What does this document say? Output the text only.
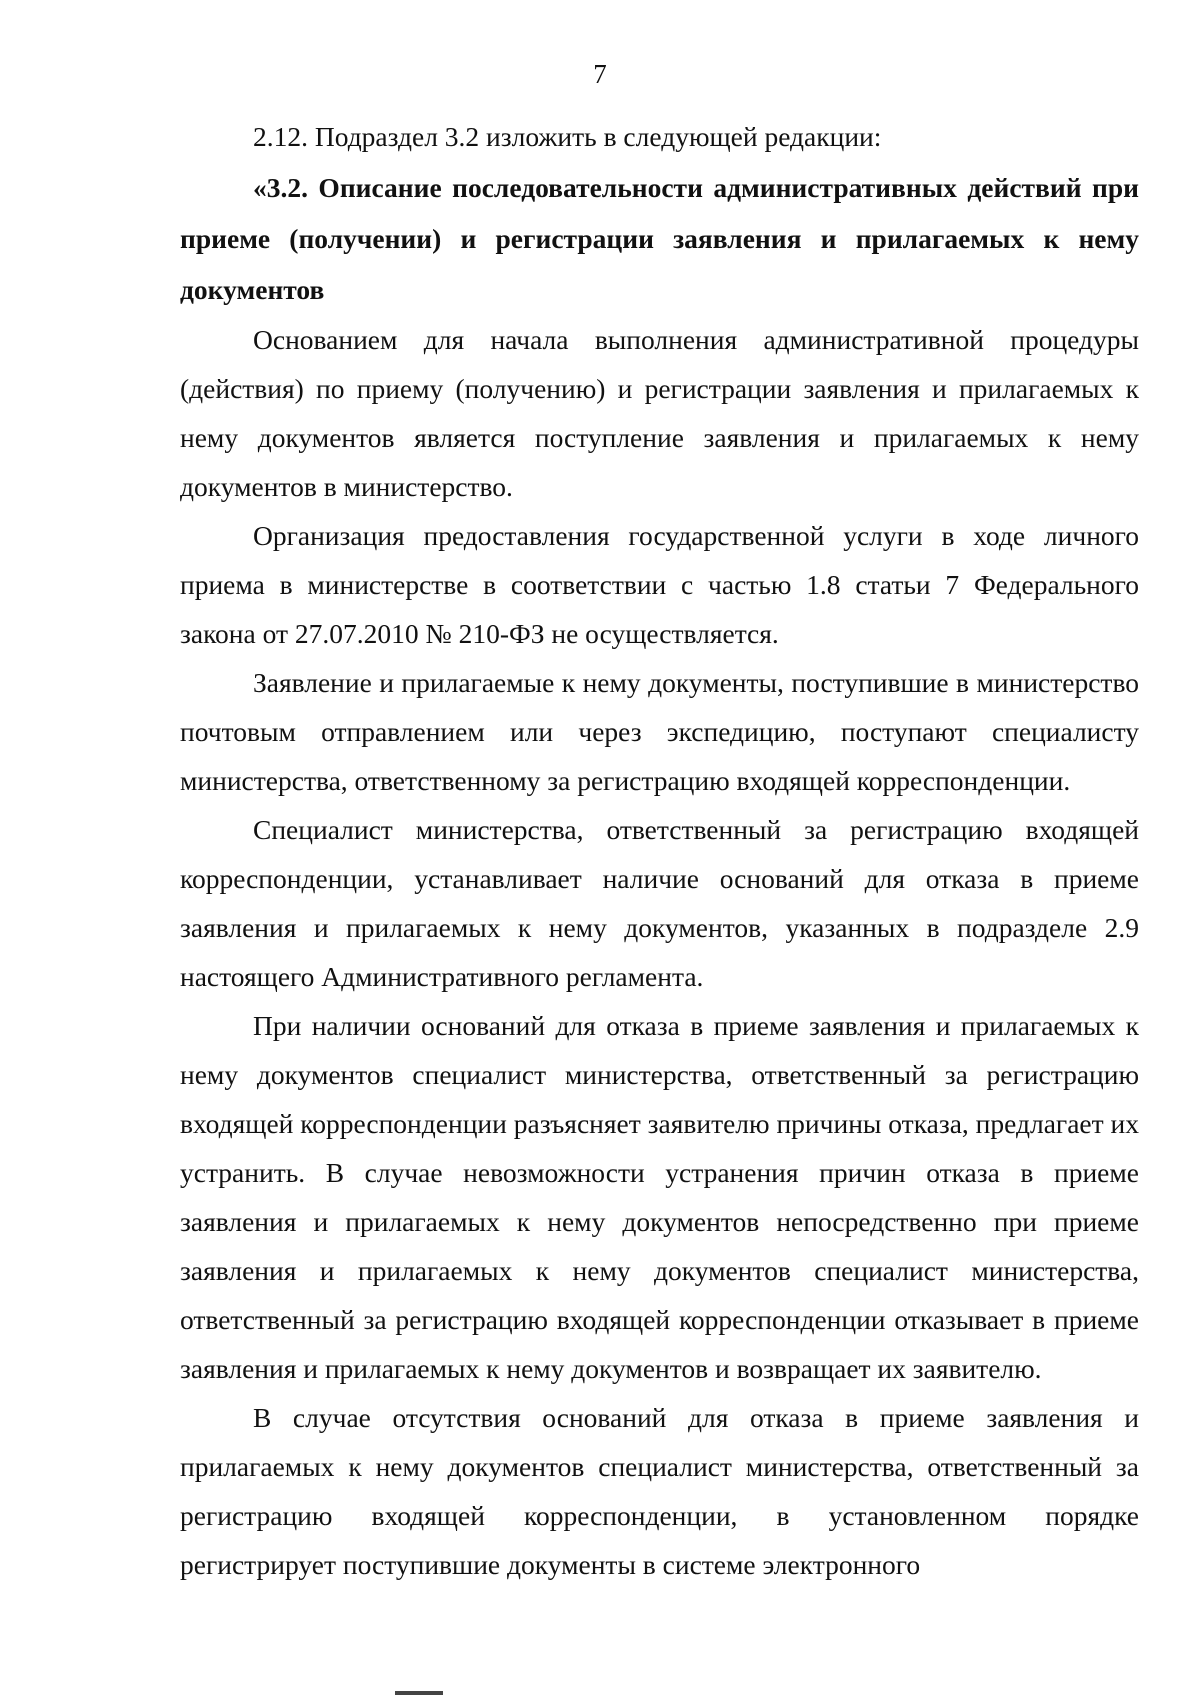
7

2.12. Подраздел 3.2 изложить в следующей редакции:

«3.2. Описание последовательности административных действий при приеме (получении) и регистрации заявления и прилагаемых к нему документов

Основанием для начала выполнения административной процедуры (действия) по приему (получению) и регистрации заявления и прилагаемых к нему документов является поступление заявления и прилагаемых к нему документов в министерство.

Организация предоставления государственной услуги в ходе личного приема в министерстве в соответствии с частью 1.8 статьи 7 Федерального закона от 27.07.2010 № 210-ФЗ не осуществляется.

Заявление и прилагаемые к нему документы, поступившие в министерство почтовым отправлением или через экспедицию, поступают специалисту министерства, ответственному за регистрацию входящей корреспонденции.

Специалист министерства, ответственный за регистрацию входящей корреспонденции, устанавливает наличие оснований для отказа в приеме заявления и прилагаемых к нему документов, указанных в подразделе 2.9 настоящего Административного регламента.

При наличии оснований для отказа в приеме заявления и прилагаемых к нему документов специалист министерства, ответственный за регистрацию входящей корреспонденции разъясняет заявителю причины отказа, предлагает их устранить. В случае невозможности устранения причин отказа в приеме заявления и прилагаемых к нему документов непосредственно при приеме заявления и прилагаемых к нему документов специалист министерства, ответственный за регистрацию входящей корреспонденции отказывает в приеме заявления и прилагаемых к нему документов и возвращает их заявителю.

В случае отсутствия оснований для отказа в приеме заявления и прилагаемых к нему документов специалист министерства, ответственный за регистрацию входящей корреспонденции, в установленном порядке регистрирует поступившие документы в системе электронного
